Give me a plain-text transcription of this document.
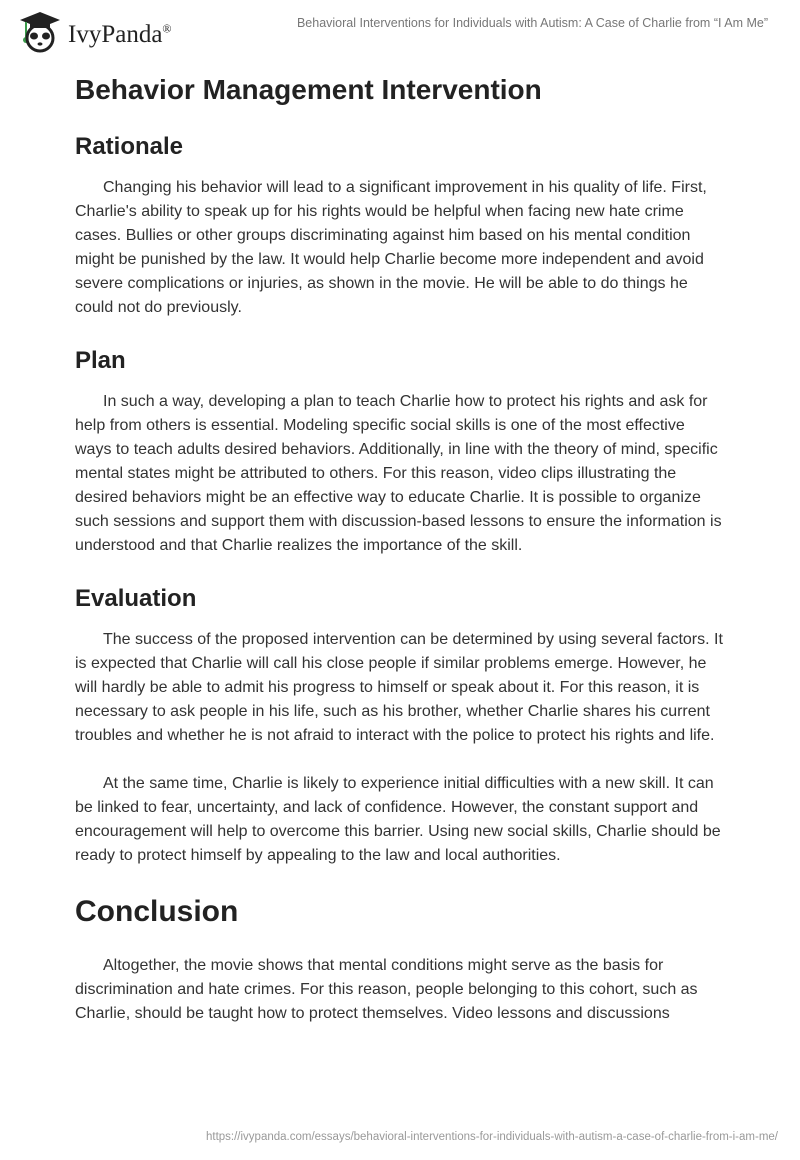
IvyPanda®	Behavioral Interventions for Individuals with Autism: A Case of Charlie from “I Am Me”
Behavior Management Intervention
Rationale

Changing his behavior will lead to a significant improvement in his quality of life. First, Charlie's ability to speak up for his rights would be helpful when facing new hate crime cases. Bullies or other groups discriminating against him based on his mental condition might be punished by the law. It would help Charlie become more independent and avoid severe complications or injuries, as shown in the movie. He will be able to do things he could not do previously.

Plan

In such a way, developing a plan to teach Charlie how to protect his rights and ask for help from others is essential. Modeling specific social skills is one of the most effective ways to teach adults desired behaviors. Additionally, in line with the theory of mind, specific mental states might be attributed to others. For this reason, video clips illustrating the desired behaviors might be an effective way to educate Charlie. It is possible to organize such sessions and support them with discussion-based lessons to ensure the information is understood and that Charlie realizes the importance of the skill.

Evaluation

The success of the proposed intervention can be determined by using several factors. It is expected that Charlie will call his close people if similar problems emerge. However, he will hardly be able to admit his progress to himself or speak about it. For this reason, it is necessary to ask people in his life, such as his brother, whether Charlie shares his current troubles and whether he is not afraid to interact with the police to protect his rights and life.

At the same time, Charlie is likely to experience initial difficulties with a new skill. It can be linked to fear, uncertainty, and lack of confidence. However, the constant support and encouragement will help to overcome this barrier. Using new social skills, Charlie should be ready to protect himself by appealing to the law and local authorities.

Conclusion

Altogether, the movie shows that mental conditions might serve as the basis for discrimination and hate crimes. For this reason, people belonging to this cohort, such as Charlie, should be taught how to protect themselves. Video lessons and discussions

https://ivypanda.com/essays/behavioral-interventions-for-individuals-with-autism-a-case-of-charlie-from-i-am-me/
